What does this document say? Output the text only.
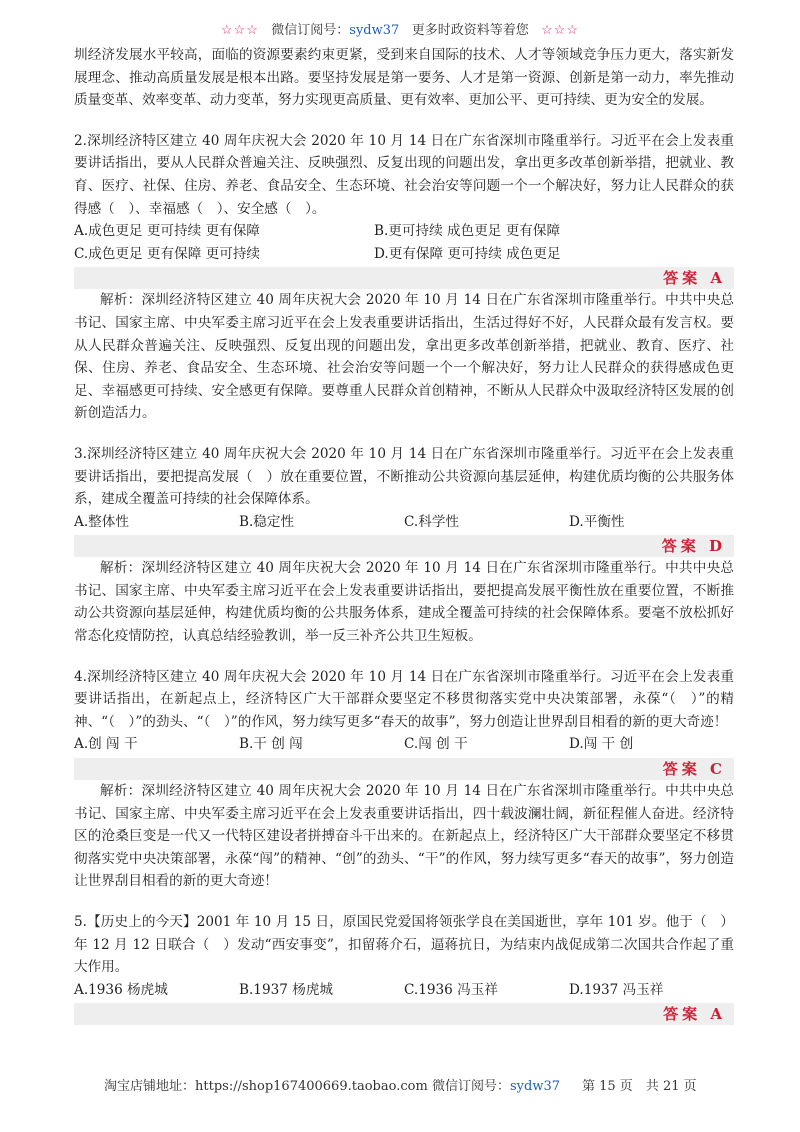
☆☆☆ 微信订阅号：sydw37 更多时政资料等着您 ☆☆☆

圳经济发展水平较高，面临的资源要素约束更紧，受到来自国际的技术、人才等领域竞争压力更大，落实新发展理念、推动高质量发展是根本出路。要坚持发展是第一要务、人才是第一资源、创新是第一动力，率先推动质量变革、效率变革、动力变革，努力实现更高质量、更有效率、更加公平、更可持续、更为安全的发展。

2.深圳经济特区建立 40 周年庆祝大会 2020 年 10 月 14 日在广东省深圳市隆重举行。习近平在会上发表重要讲话指出，要从人民群众普遍关注、反映强烈、反复出现的问题出发，拿出更多改革创新举措，把就业、教育、医疗、社保、住房、养老、食品安全、生态环境、社会治安等问题一个一个解决好，努力让人民群众的获得感（　）、幸福感（　）、安全感（　）。

A.成色更足 更可持续 更有保障	B.更可持续 成色更足 更有保障
C.成色更足 更有保障 更可持续	D.更有保障 更可持续 成色更足
答案 A

解析：深圳经济特区建立 40 周年庆祝大会 2020 年 10 月 14 日在广东省深圳市隆重举行。中共中央总书记、国家主席、中央军委主席习近平在会上发表重要讲话指出，生活过得好不好，人民群众最有发言权。要从人民群众普遍关注、反映强烈、反复出现的问题出发，拿出更多改革创新举措，把就业、教育、医疗、社保、住房、养老、食品安全、生态环境、社会治安等问题一个一个解决好，努力让人民群众的获得感成色更足、幸福感更可持续、安全感更有保障。要尊重人民群众首创精神，不断从人民群众中汲取经济特区发展的创新创造活力。

3.深圳经济特区建立 40 周年庆祝大会 2020 年 10 月 14 日在广东省深圳市隆重举行。习近平在会上发表重要讲话指出，要把提高发展（　）放在重要位置，不断推动公共资源向基层延伸，构建优质均衡的公共服务体系，建成全覆盖可持续的社会保障体系。

A.整体性	B.稳定性	C.科学性	D.平衡性
答案 D

解析：深圳经济特区建立 40 周年庆祝大会 2020 年 10 月 14 日在广东省深圳市隆重举行。中共中央总书记、国家主席、中央军委主席习近平在会上发表重要讲话指出，要把提高发展平衡性放在重要位置，不断推动公共资源向基层延伸，构建优质均衡的公共服务体系，建成全覆盖可持续的社会保障体系。要毫不放松抓好常态化疫情防控，认真总结经验教训，举一反三补齐公共卫生短板。

4.深圳经济特区建立 40 周年庆祝大会 2020 年 10 月 14 日在广东省深圳市隆重举行。习近平在会上发表重要讲话指出，在新起点上，经济特区广大干部群众要坚定不移贯彻落实党中央决策部署，永葆“（　）”的精神、“（　）”的劲头、“（　）”的作风，努力续写更多“春天的故事”，努力创造让世界刮目相看的新的更大奇迹！

A.创 闯 干	B.干 创 闯	C.闯 创 干	D.闯 干 创
答案 C

解析：深圳经济特区建立 40 周年庆祝大会 2020 年 10 月 14 日在广东省深圳市隆重举行。中共中央总书记、国家主席、中央军委主席习近平在会上发表重要讲话指出，四十载波澜壮阔，新征程催人奋进。经济特区的沧桑巨变是一代又一代特区建设者拼搏奋斗干出来的。在新起点上，经济特区广大干部群众要坚定不移贯彻落实党中央决策部署，永葆“闯”的精神、“创”的劲头、“干”的作风，努力续写更多“春天的故事”，努力创造让世界刮目相看的新的更大奇迹！

5.【历史上的今天】2001 年 10 月 15 日，原国民党爱国将领张学良在美国逝世，享年 101 岁。他于（　）年 12 月 12 日联合（　）发动“西安事变”，扣留蒋介石，逼蒋抗日，为结束内战促成第二次国共合作起了重大作用。

A.1936 杨虎城	B.1937 杨虎城	C.1936 冯玉祥	D.1937 冯玉祥
答案 A
淘宝店铺地址：https://shop167400669.taobao.com 微信订阅号：sydw37 第 15 页　共 21 页
